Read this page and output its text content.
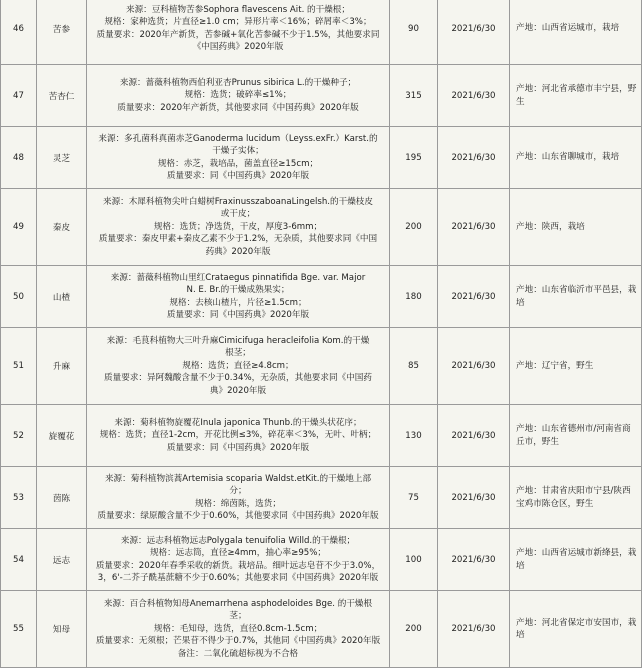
46	苦参	来源：豆科植物苦参Sophora flavescens Ait. 的干燥根；
规格：家种选货；片直径≥1.0 cm；异形片率＜16%；碎屑率＜3%；
质量要求：2020年产新货，苦参碱+氧化苦参碱不少于1.5%，其他要求同
《中国药典》2020年版	90	2021/6/30	产地：山西省运城市，栽培
47	苦杏仁	来源：蔷薇科植物西伯利亚杏Prunus sibirica L.的干燥种子；
规格：选货；破碎率≤1%；
质量要求：2020年产新货，其他要求同《中国药典》2020年版	315	2021/6/30	产地：河北省承德市丰宁县，野生
48	灵芝	来源：多孔菌科真菌赤芝Ganoderma lucidum（Leyss.exFr.）Karst.的
干燥子实体；
规格：赤芝，栽培品，菌盖直径≥15cm；
质量要求：同《中国药典》2020年版	195	2021/6/30	产地：山东省聊城市，栽培
49	秦皮	来源：木犀科植物尖叶白蜡树FraxinusszaboanaLingelsh.的干燥枝皮
或干皮；
规格：选货；净选货，干皮，厚度3-6mm；
质量要求：秦皮甲素+秦皮乙素不少于1.2%，无杂质，其他要求同《中国
药典》2020年版	200	2021/6/30	产地：陕西，栽培
50	山楂	来源：蔷薇科植物山里红Crataegus pinnatifida Bge. var. Major
N. E. Br.的干燥成熟果实；
规格：去核山楂片，片径≥1.5cm；
质量要求：同《中国药典》2020年版	180	2021/6/30	产地：山东省临沂市平邑县，栽培
51	升麻	来源：毛茛科植物大三叶升麻Cimicifuga heracleifolia Kom.的干燥
根茎；
规格：选货；直径≥4.8cm；
质量要求：异阿魏酸含量不少于0.34%，无杂质，其他要求同《中国药
典》2020年版	85	2021/6/30	产地：辽宁省，野生
52	旋覆花	来源：菊科植物旋覆花Inula japonica Thunb.的干燥头状花序；
规格：选货；直径1-2cm，开花比例≤3%，碎花率＜3%，无叶、叶柄；
质量要求：同《中国药典》2020年版	130	2021/6/30	产地：山东省德州市/河南省商丘市，野生
53	茵陈	来源：菊科植物滨蒿Artemisia scoparia Waldst.etKit.的干燥地上部
分；
规格：绵茵陈，选货；
质量要求：绿原酸含量不少于0.60%，其他要求同《中国药典》2020年版	75	2021/6/30	产地：甘肃省庆阳市宁县/陕西宝鸡市陈仓区，野生
54	远志	来源：远志科植物远志Polygala tenuifolia Willd.的干燥根；
规格：远志筒，直径≥4mm，抽心率≥95%；
质量要求：2020年春季采收的新货。栽培品。细叶远志皂苷不少于3.0%，
3，6'-二芥子酰基蔗糖不少于0.60%；其他要求同《中国药典》2020年版	100	2021/6/30	产地：山西省运城市新绛县，栽培
55	知母	来源：百合科植物知母Anemarrhena asphodeloides Bge. 的干燥根
茎；
规格：毛知母，选货，直径0.8cm-1.5cm；
质量要求：无须根；芒果苷不得少于0.7%，其他同《中国药典》2020年版
备注：二氧化硫超标视为不合格	200	2021/6/30	产地：河北省保定市安国市，栽培
